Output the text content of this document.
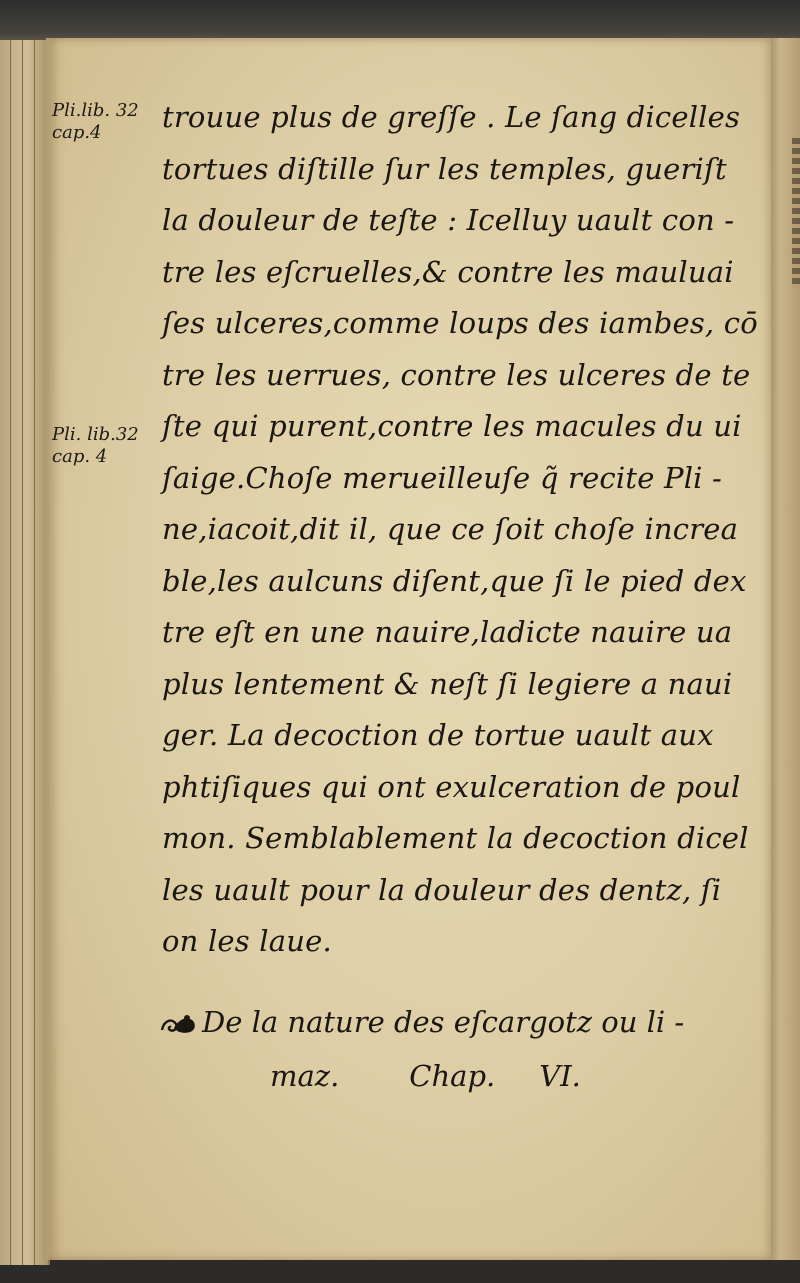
Pli.lib. 32
cap.4
Pli. lib.32
cap. 4
trouue plus de greſſe . Le ſang dicelles
tortues diſtille ſur les temples, gueriſt
la douleur de teſte : Icelluy uault con -
tre les eſcruelles,& contre les mauluai
ſes ulceres,comme loups des iambes, cō
tre les uerrues, contre les ulceres de te
ſte qui purent,contre les macules du ui
ſaige.Choſe merueilleuſe q̃ recite Pli -
ne,iacoit,dit il, que ce ſoit choſe increa
ble,les aulcuns diſent,que ſi le pied dex
tre eſt en une nauire,ladicte nauire ua
plus lentement & neſt ſi legiere a naui
ger. La decoction de tortue uault aux
phtiſiques qui ont exulceration de poul
mon. Semblablement la decoction dicel
les uault pour la douleur des dentz, ſi
on les laue.
De la nature des eſcargotz ou li -
maz. Chap. VI.
